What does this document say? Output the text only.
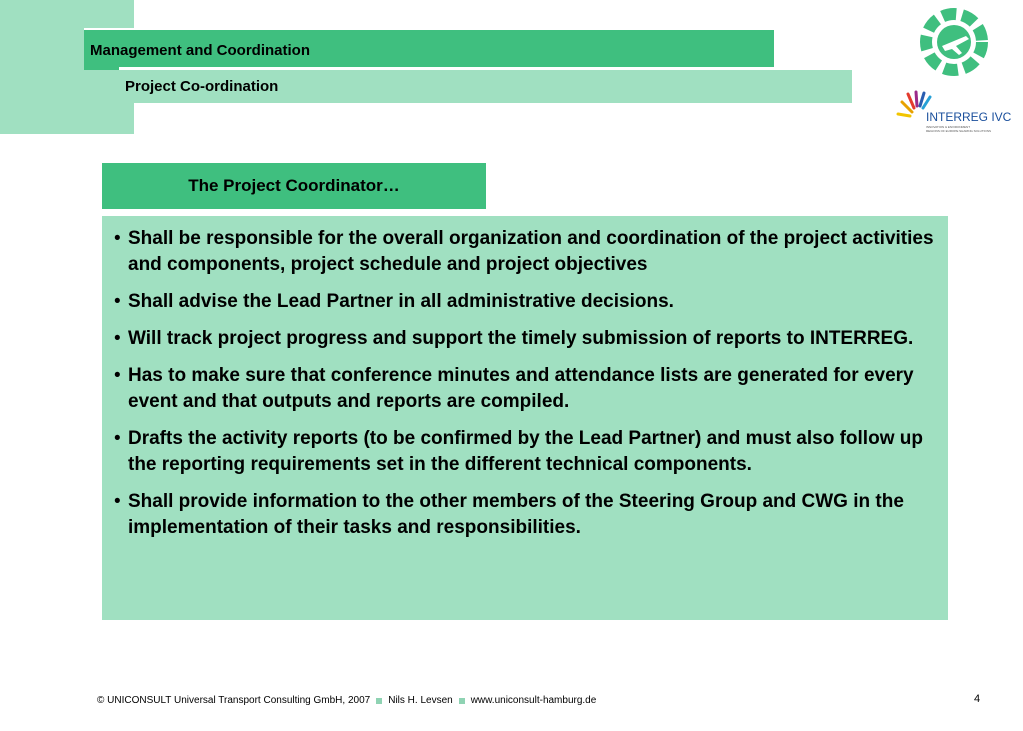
Management and Coordination
Project Co-ordination
INTERREG IVC
INNOVATION & ENVIRONMENT
REGIONS OF EUROPE SHARING SOLUTIONS
The Project Coordinator…
• Shall be responsible for the overall organization and coordination of the project activities and components, project schedule and project objectives
• Shall advise the Lead Partner in all administrative decisions.
• Will track project progress and support the timely submission of reports to INTERREG.
• Has to make sure that conference minutes and attendance lists are generated for every event and that outputs and reports are compiled.
• Drafts the activity reports (to be confirmed by the Lead Partner) and must also follow up the reporting requirements set in the different technical components.
• Shall provide information to the other members of the Steering Group and CWG in the implementation of their tasks and responsibilities.
© UNICONSULT Universal Transport Consulting GmbH, 2007 Nils H. Levsen www.uniconsult-hamburg.de	4
